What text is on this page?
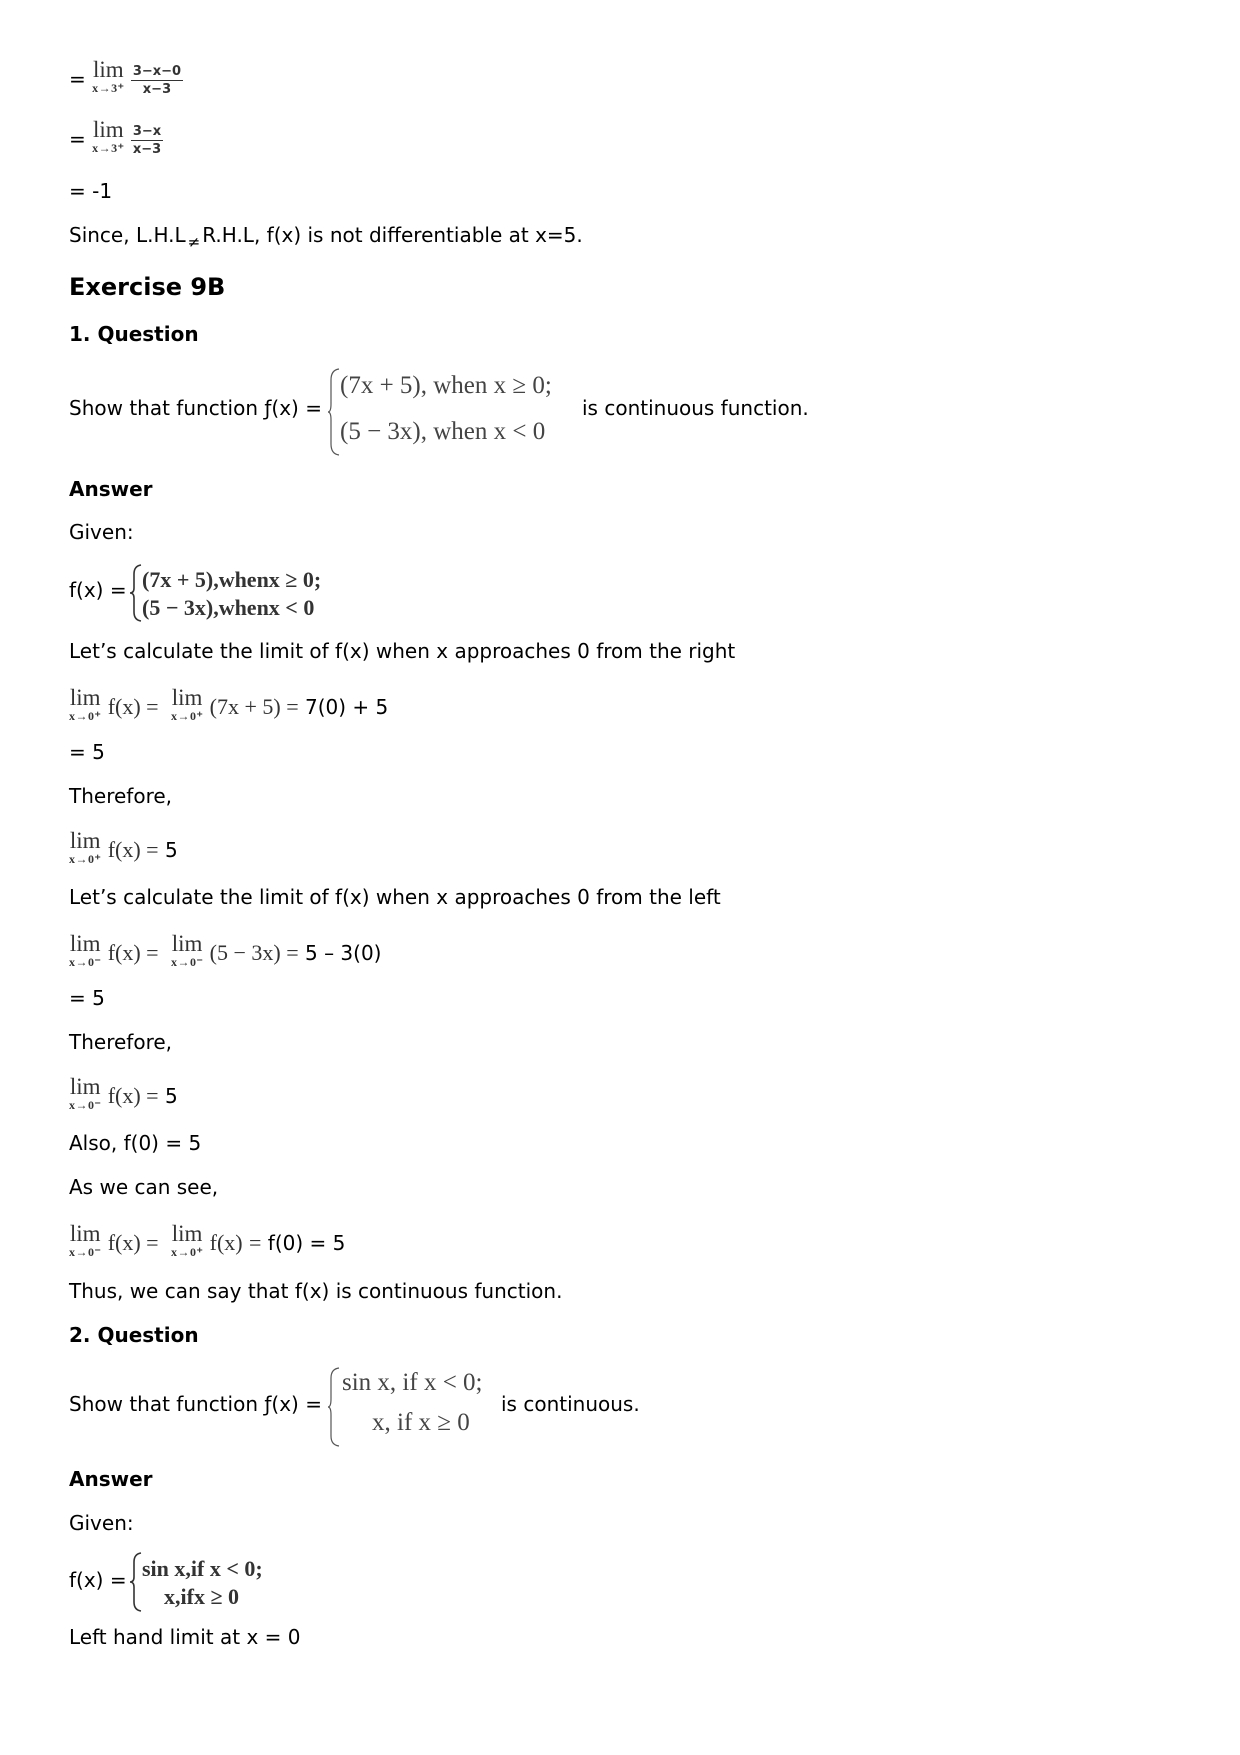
= lim
x→3⁺
$\frac{3-x-0}{x-3}$
= lim
x→3⁺
$\frac{3-x}{x-3}$
= -1
Since, L.H.L $_\ne$ R.H.L, f(x) is not differentiable at x=5.
Exercise 9B
1. Question
Show that function ƒ(x) =
(7x + 5), when x ≥ 0;
(5 − 3x), when x < 0
is continuous function.
Answer
Given:
f(x) = (7x + 5),whenx ≥ 0;
(5 − 3x),whenx < 0
Let’s calculate the limit of f(x) when x approaches 0 from the right
lim
x→0⁺ f(x) = lim
x→0⁺ (7x + 5) = 7(0) + 5
= 5
Therefore,
lim
x→0⁺ f(x) = 5
Let’s calculate the limit of f(x) when x approaches 0 from the left
lim
x→0⁻ f(x) = lim
x→0⁻ (5 − 3x) = 5 – 3(0)
= 5
Therefore,
lim
x→0⁻ f(x) = 5
Also, f(0) = 5
As we can see,
lim
x→0⁻ f(x) = lim
x→0⁺ f(x) = f(0) = 5
Thus, we can say that f(x) is continuous function.
2. Question
Show that function ƒ(x) =
sin x, if x < 0;
x, if x ≥ 0
is continuous.
Answer
Given:
f(x) = sin x,if x < 0;
x,ifx ≥ 0
Left hand limit at x = 0
